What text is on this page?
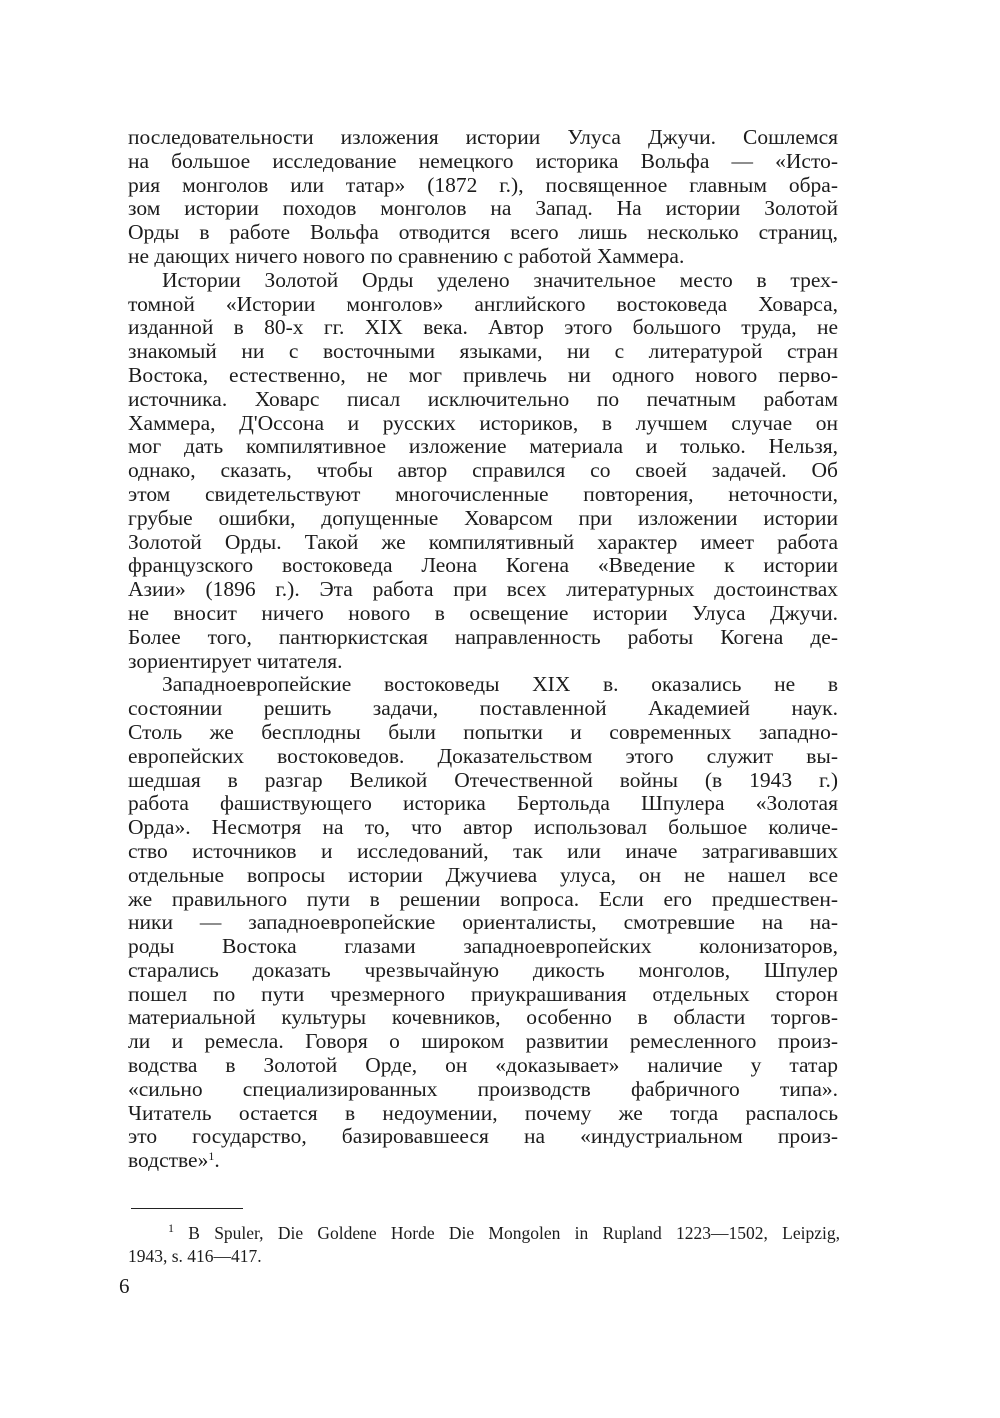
последовательности изложения истории Улуса Джучи. Сошлемся
на большое исследование немецкого историка Вольфа — «Исто-
рия монголов или татар» (1872 г.), посвященное главным обра-
зом истории походов монголов на Запад. На истории Золотой
Орды в работе Вольфа отводится всего лишь несколько страниц,
не дающих ничего нового по сравнению с работой Хаммера.

Истории Золотой Орды уделено значительное место в трех-
томной «Истории монголов» английского востоковеда Ховарса,
изданной в 80-х гг. XIX века. Автор этого большого труда, не
знакомый ни с восточными языками, ни с литературой стран
Востока, естественно, не мог привлечь ни одного нового перво-
источника. Ховарс писал исключительно по печатным работам
Хаммера, Д'Оссона и русских историков, в лучшем случае он
мог дать компилятивное изложение материала и только. Нельзя,
однако, сказать, чтобы автор справился со своей задачей. Об
этом свидетельствуют многочисленные повторения, неточности,
грубые ошибки, допущенные Ховарсом при изложении истории
Золотой Орды. Такой же компилятивный характер имеет работа
французского востоковеда Леона Когена «Введение к истории
Азии» (1896 г.). Эта работа при всех литературных достоинствах
не вносит ничего нового в освещение истории Улуса Джучи.
Более того, пантюркистская направленность работы Когена де-
зориентирует читателя.

Западноевропейские востоковеды XIX в. оказались не в
состоянии решить задачи, поставленной Академией наук.
Столь же бесплодны были попытки и современных западно-
европейских востоковедов. Доказательством этого служит вы-
шедшая в разгар Великой Отечественной войны (в 1943 г.)
работа фашиствующего историка Бертольда Шпулера «Золотая
Орда». Несмотря на то, что автор использовал большое количе-
ство источников и исследований, так или иначе затрагивавших
отдельные вопросы истории Джучиева улуса, он не нашел все
же правильного пути в решении вопроса. Если его предшествен-
ники — западноевропейские ориенталисты, смотревшие на на-
роды Востока глазами западноевропейских колонизаторов,
старались доказать чрезвычайную дикость монголов, Шпулер
пошел по пути чрезмерного приукрашивания отдельных сторон
материальной культуры кочевников, особенно в области торгов-
ли и ремесла. Говоря о широком развитии ремесленного произ-
водства в Золотой Орде, он «доказывает» наличие у татар
«сильно специализированных производств фабричного типа».
Читатель остается в недоумении, почему же тогда распалось
это государство, базировавшееся на «индустриальном произ-
водстве»$^1$.

$^1$ B Spuler, Die Goldene Horde Die Mongolen in Rupland 1223—1502, Leipzig,
1943, s. 416—417.
6
